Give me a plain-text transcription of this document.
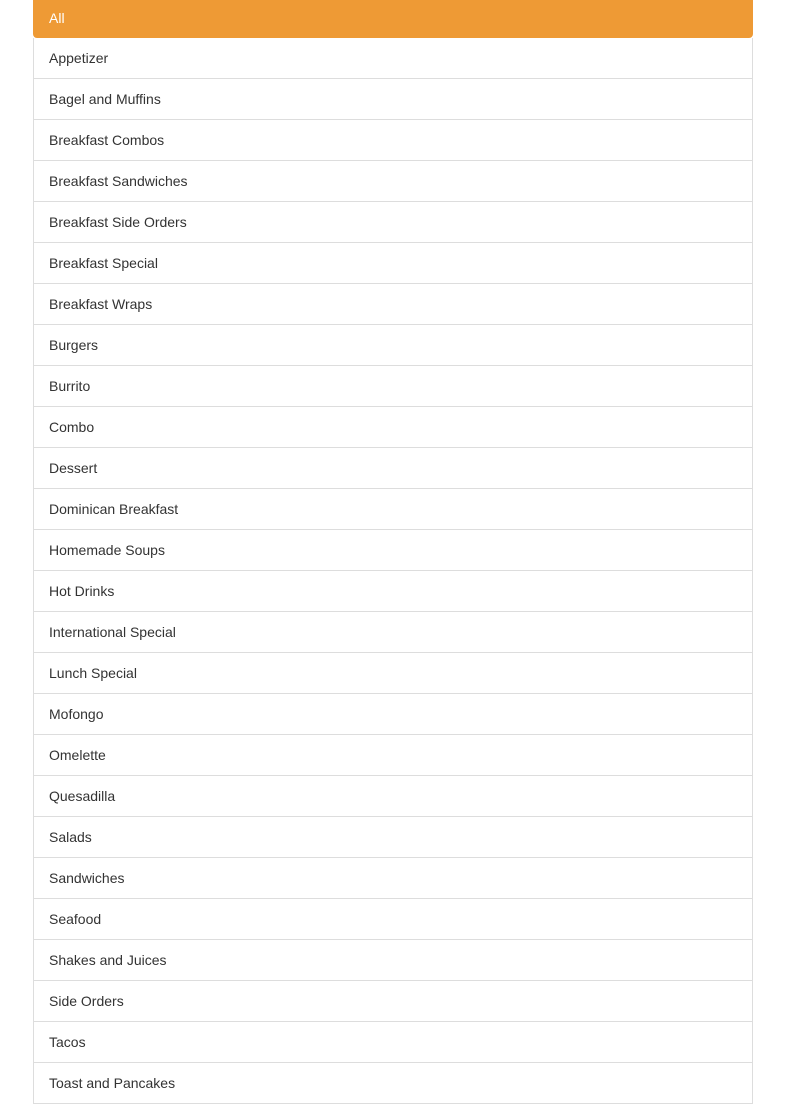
All
Appetizer
Bagel and Muffins
Breakfast Combos
Breakfast Sandwiches
Breakfast Side Orders
Breakfast Special
Breakfast Wraps
Burgers
Burrito
Combo
Dessert
Dominican Breakfast
Homemade Soups
Hot Drinks
International Special
Lunch Special
Mofongo
Omelette
Quesadilla
Salads
Sandwiches
Seafood
Shakes and Juices
Side Orders
Tacos
Toast and Pancakes
